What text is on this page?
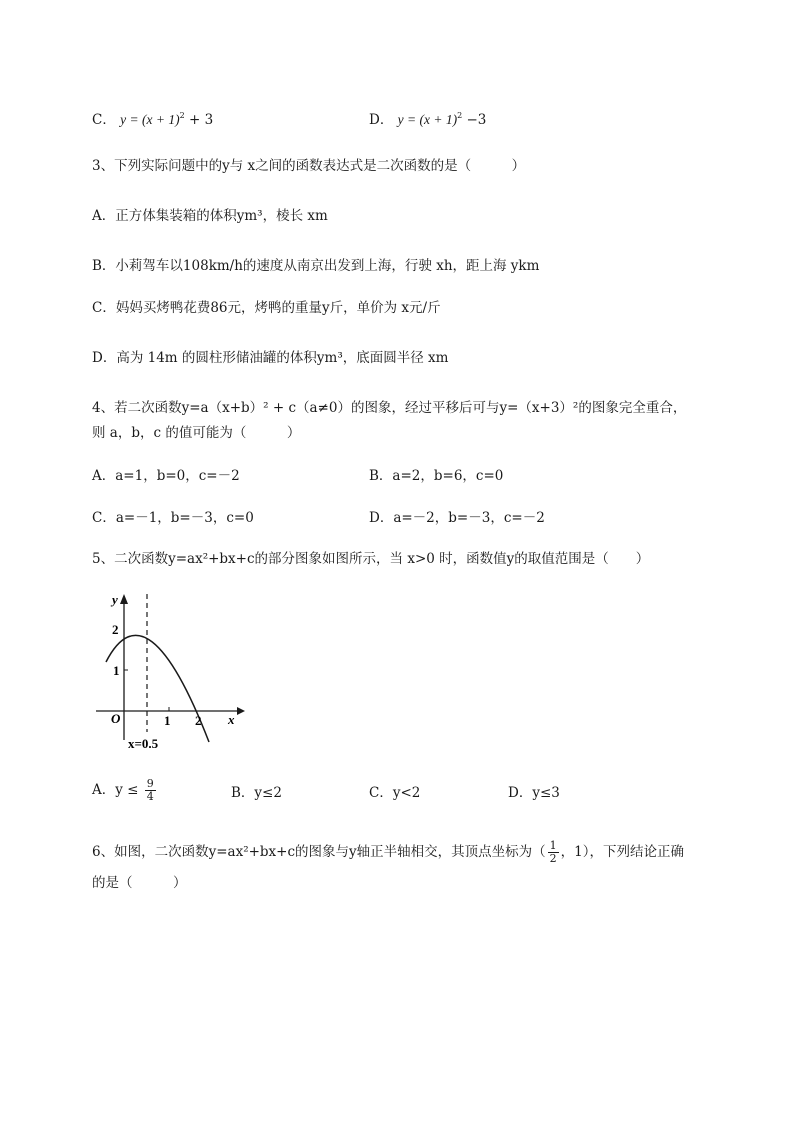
C． $y = (x + 1)^2 + 3$	D． $y = (x + 1)^2 -3$
3、下列实际问题中的y与 x之间的函数表达式是二次函数的是（　　　）
A．正方体集装箱的体积ym³，棱长 xm
B．小莉驾车以108km/h的速度从南京出发到上海，行驶 xh，距上海 ykm
C．妈妈买烤鸭花费86元，烤鸭的重量y斤，单价为 x元/斤
D．高为 14m 的圆柱形储油罐的体积ym³，底面圆半径 xm
4、若二次函数y=a（x+b）² + c（a≠0）的图象，经过平移后可与y=（x+3）²的图象完全重合，
则 a，b，c 的值可能为（　　　）
A．a=1，b=0，c=－2	B．a=2，b=6，c=0
C．a=－1，b=－3，c=0	D．a=－2，b=－3，c=－2
5、二次函数y=ax²+bx+c的部分图象如图所示，当 x>0 时，函数值y的取值范围是（　　）
y
x
O	1 2
1
2
x=0.5
A．$y \le \frac{9}{4}$	B．y≤2	C．y<2	D．y≤3
6、如图，二次函数y=ax²+bx+c的图象与y轴正半轴相交，其顶点坐标为（ $\frac{1}{2}$ ，1），下列结论正确
的是（　　　）
